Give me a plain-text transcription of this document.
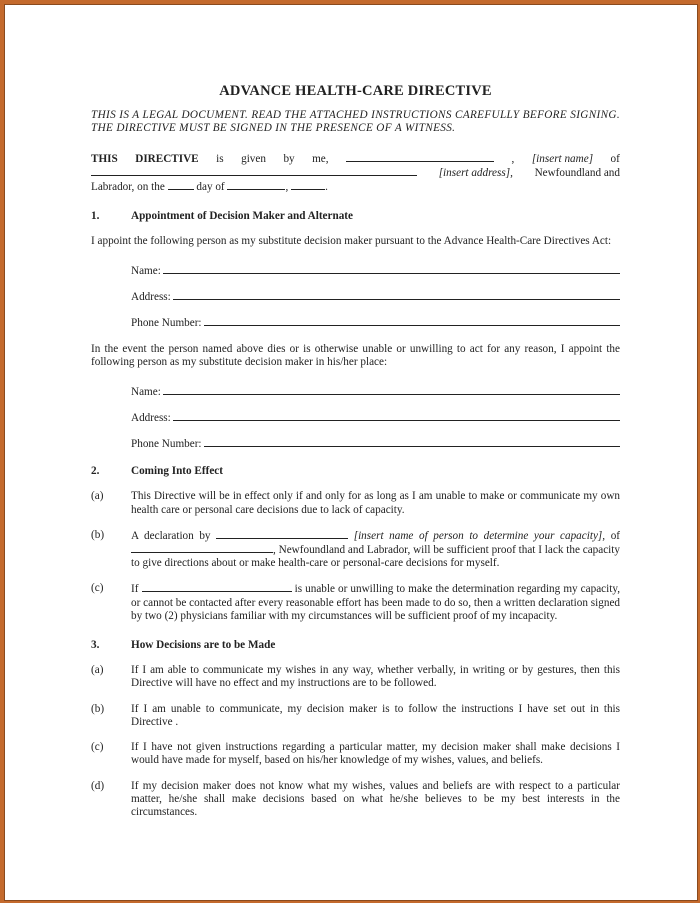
ADVANCE HEALTH-CARE DIRECTIVE
THIS IS A LEGAL DOCUMENT. READ THE ATTACHED INSTRUCTIONS CAREFULLY BEFORE SIGNING. THE DIRECTIVE MUST BE SIGNED IN THE PRESENCE OF A WITNESS.
THIS DIRECTIVE is given by me,	, [insert name] of
[insert address], Newfoundland and
Labrador, on the	day of	,	.
1.	Appointment of Decision Maker and Alternate

I appoint the following person as my substitute decision maker pursuant to the Advance Health-Care Directives Act:

Name:
Address:
Phone Number:

In the event the person named above dies or is otherwise unable or unwilling to act for any reason, I appoint the following person as my substitute decision maker in his/her place:

Name:
Address:
Phone Number:
2.	Coming Into Effect
(a)	This Directive will be in effect only if and only for as long as I am unable to make or communicate my own health care or personal care decisions due to lack of capacity.
(b)	A declaration by	[insert name of person to determine your capacity], of , Newfoundland and Labrador, will be sufficient proof that I lack the capacity to give directions about or make health-care or personal-care decisions for myself.
(c)	If	is unable or unwilling to make the determination regarding my capacity, or cannot be contacted after every reasonable effort has been made to do so, then a written declaration signed by two (2) physicians familiar with my circumstances will be sufficient proof of my incapacity.
3.	How Decisions are to be Made
(a)	If I am able to communicate my wishes in any way, whether verbally, in writing or by gestures, then this Directive will have no effect and my instructions are to be followed.
(b)	If I am unable to communicate, my decision maker is to follow the instructions I have set out in this Directive .
(c)	If I have not given instructions regarding a particular matter, my decision maker shall make decisions I would have made for myself, based on his/her knowledge of my wishes, values, and beliefs.
(d)	If my decision maker does not know what my wishes, values and beliefs are with respect to a particular matter, he/she shall make decisions based on what he/she believes to be my best interests in the circumstances.
